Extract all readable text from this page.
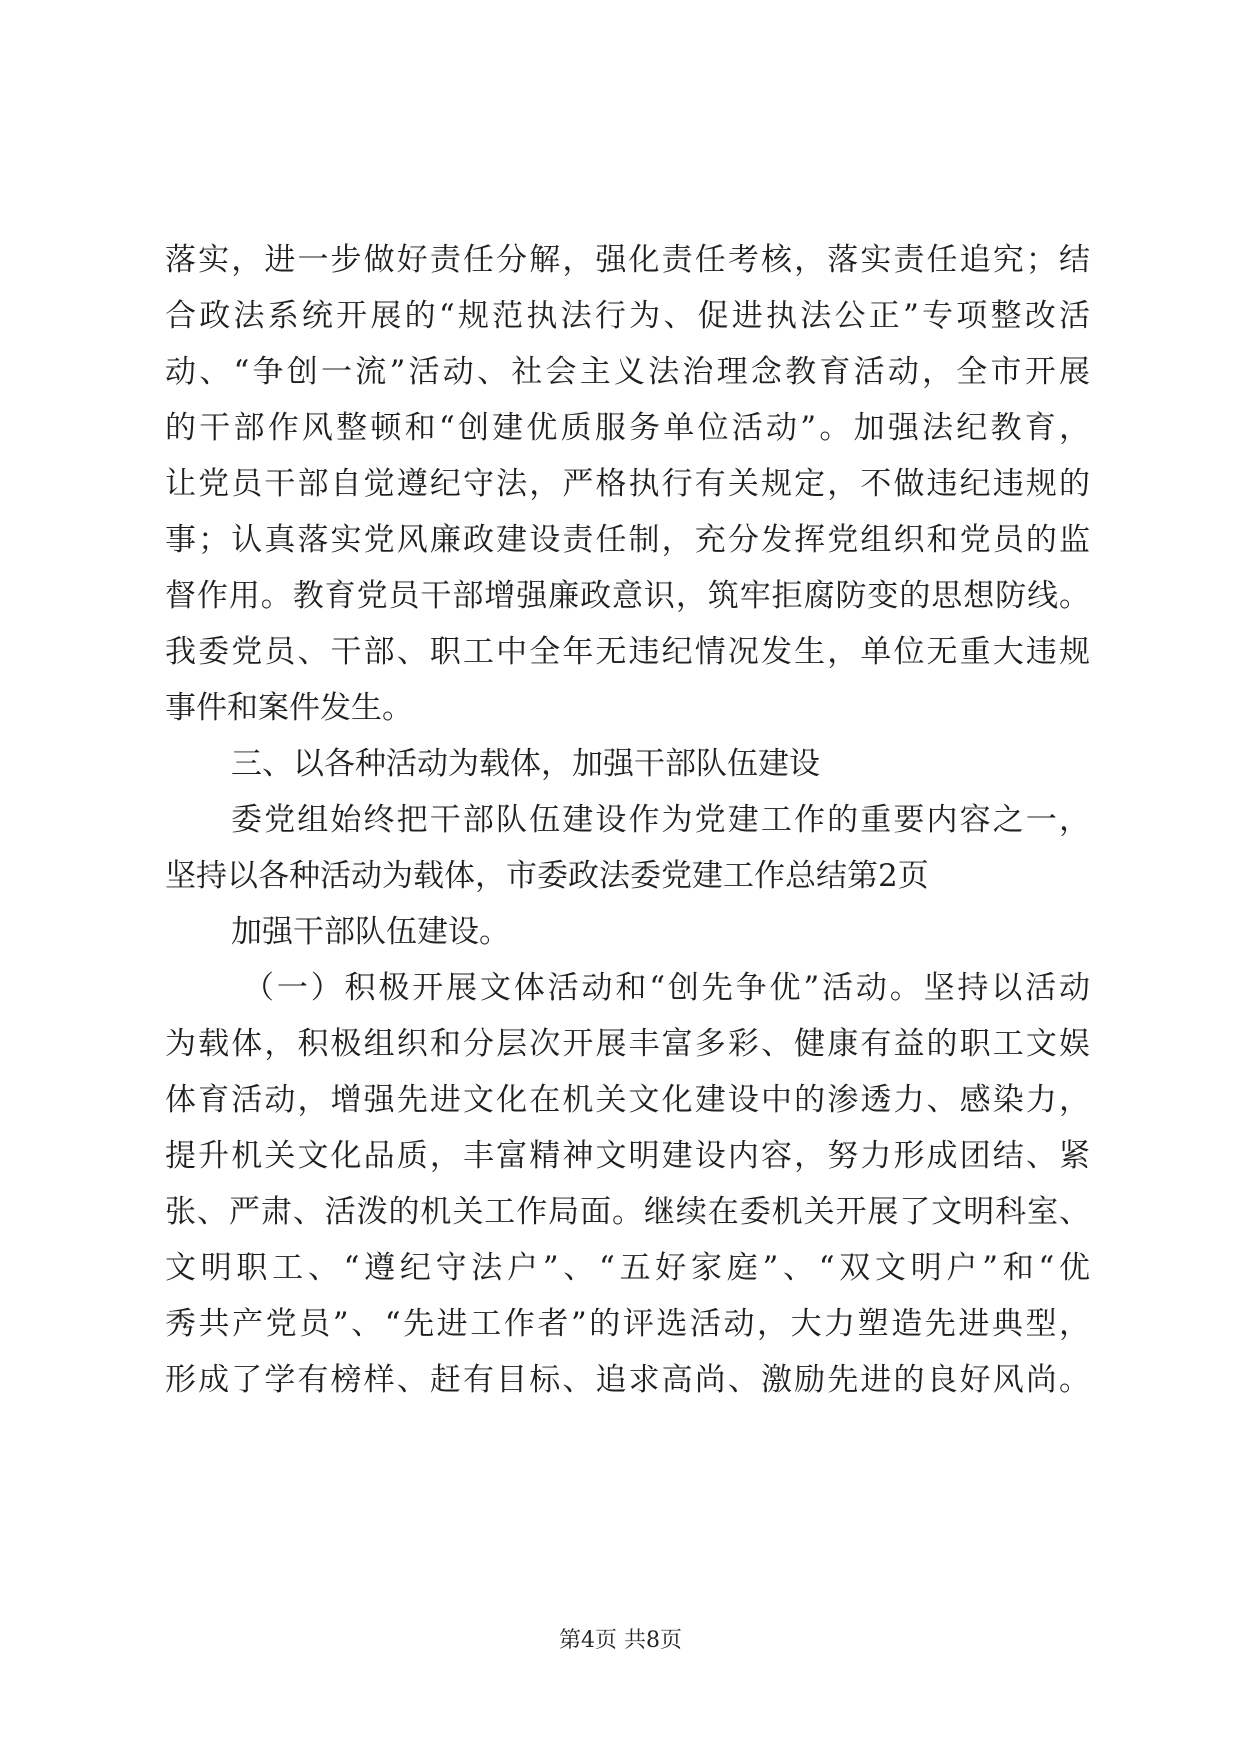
落实，进一步做好责任分解，强化责任考核，落实责任追究；结
合政法系统开展的“规范执法行为、促进执法公正”专项整改活
动、“争创一流”活动、社会主义法治理念教育活动，全市开展
的干部作风整顿和“创建优质服务单位活动”。加强法纪教育，
让党员干部自觉遵纪守法，严格执行有关规定，不做违纪违规的
事；认真落实党风廉政建设责任制，充分发挥党组织和党员的监
督作用。教育党员干部增强廉政意识，筑牢拒腐防变的思想防线。
我委党员、干部、职工中全年无违纪情况发生，单位无重大违规
事件和案件发生。
三、以各种活动为载体，加强干部队伍建设
委党组始终把干部队伍建设作为党建工作的重要内容之一，
坚持以各种活动为载体，市委政法委党建工作总结第2页
加强干部队伍建设。
（一）积极开展文体活动和“创先争优”活动。坚持以活动
为载体，积极组织和分层次开展丰富多彩、健康有益的职工文娱
体育活动，增强先进文化在机关文化建设中的渗透力、感染力，
提升机关文化品质，丰富精神文明建设内容，努力形成团结、紧
张、严肃、活泼的机关工作局面。继续在委机关开展了文明科室、
文明职工、“遵纪守法户”、“五好家庭”、“双文明户”和“优
秀共产党员”、“先进工作者”的评选活动，大力塑造先进典型，
形成了学有榜样、赶有目标、追求高尚、激励先进的良好风尚。
第4页 共8页
